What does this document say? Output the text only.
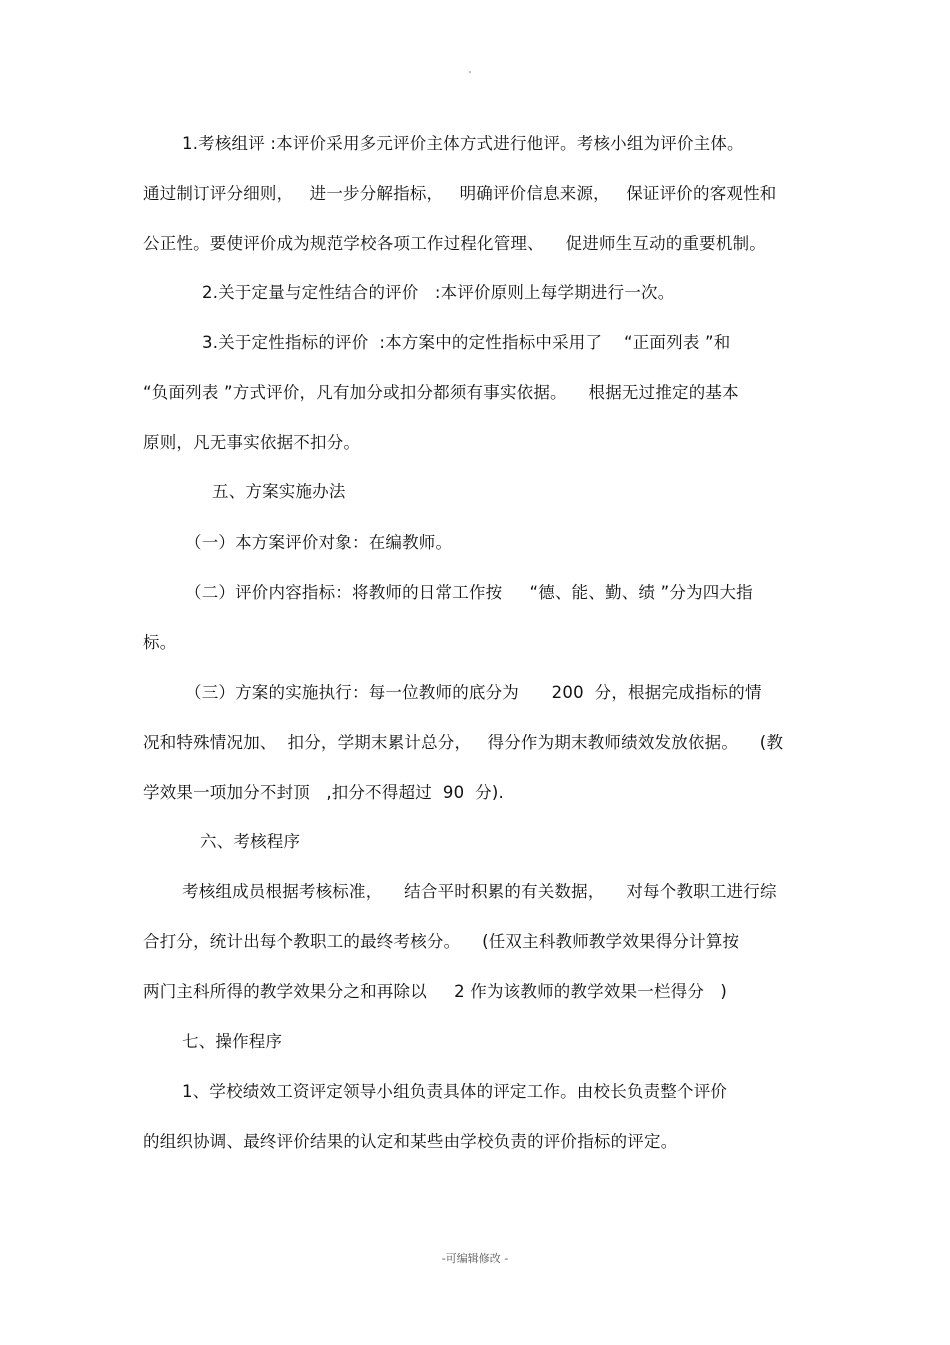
"
1.考核组评 :本评价采用多元评价主体方式进行他评。考核小组为评价主体。
通过制订评分细则，   进一步分解指标，   明确评价信息来源，   保证评价的客观性和
公正性。要使评价成为规范学校各项工作过程化管理、    促进师生互动的重要机制。
2.关于定量与定性结合的评价   :本评价原则上每学期进行一次。
3.关于定性指标的评价  :本方案中的定性指标中采用了    “正面列表 ”和
“负面列表 ”方式评价，凡有加分或扣分都须有事实依据。    根据无过推定的基本
原则，凡无事实依据不扣分。
五、方案实施办法
（一）本方案评价对象：在编教师。
（二）评价内容指标：将教师的日常工作按     “德、能、勤、绩 ”分为四大指
标。
（三）方案的实施执行：每一位教师的底分为      200  分，根据完成指标的情
况和特殊情况加、  扣分，学期末累计总分，   得分作为期末教师绩效发放依据。    (教
学效果一项加分不封顶   ,扣分不得超过  90  分).
六、考核程序
考核组成员根据考核标准，    结合平时积累的有关数据，    对每个教职工进行综
合打分，统计出每个教职工的最终考核分。    (任双主科教师教学效果得分计算按
两门主科所得的教学效果分之和再除以     2 作为该教师的教学效果一栏得分   )
七、操作程序
1、学校绩效工资评定领导小组负责具体的评定工作。由校长负责整个评价
的组织协调、最终评价结果的认定和某些由学校负责的评价指标的评定。
-可编辑修改 -
